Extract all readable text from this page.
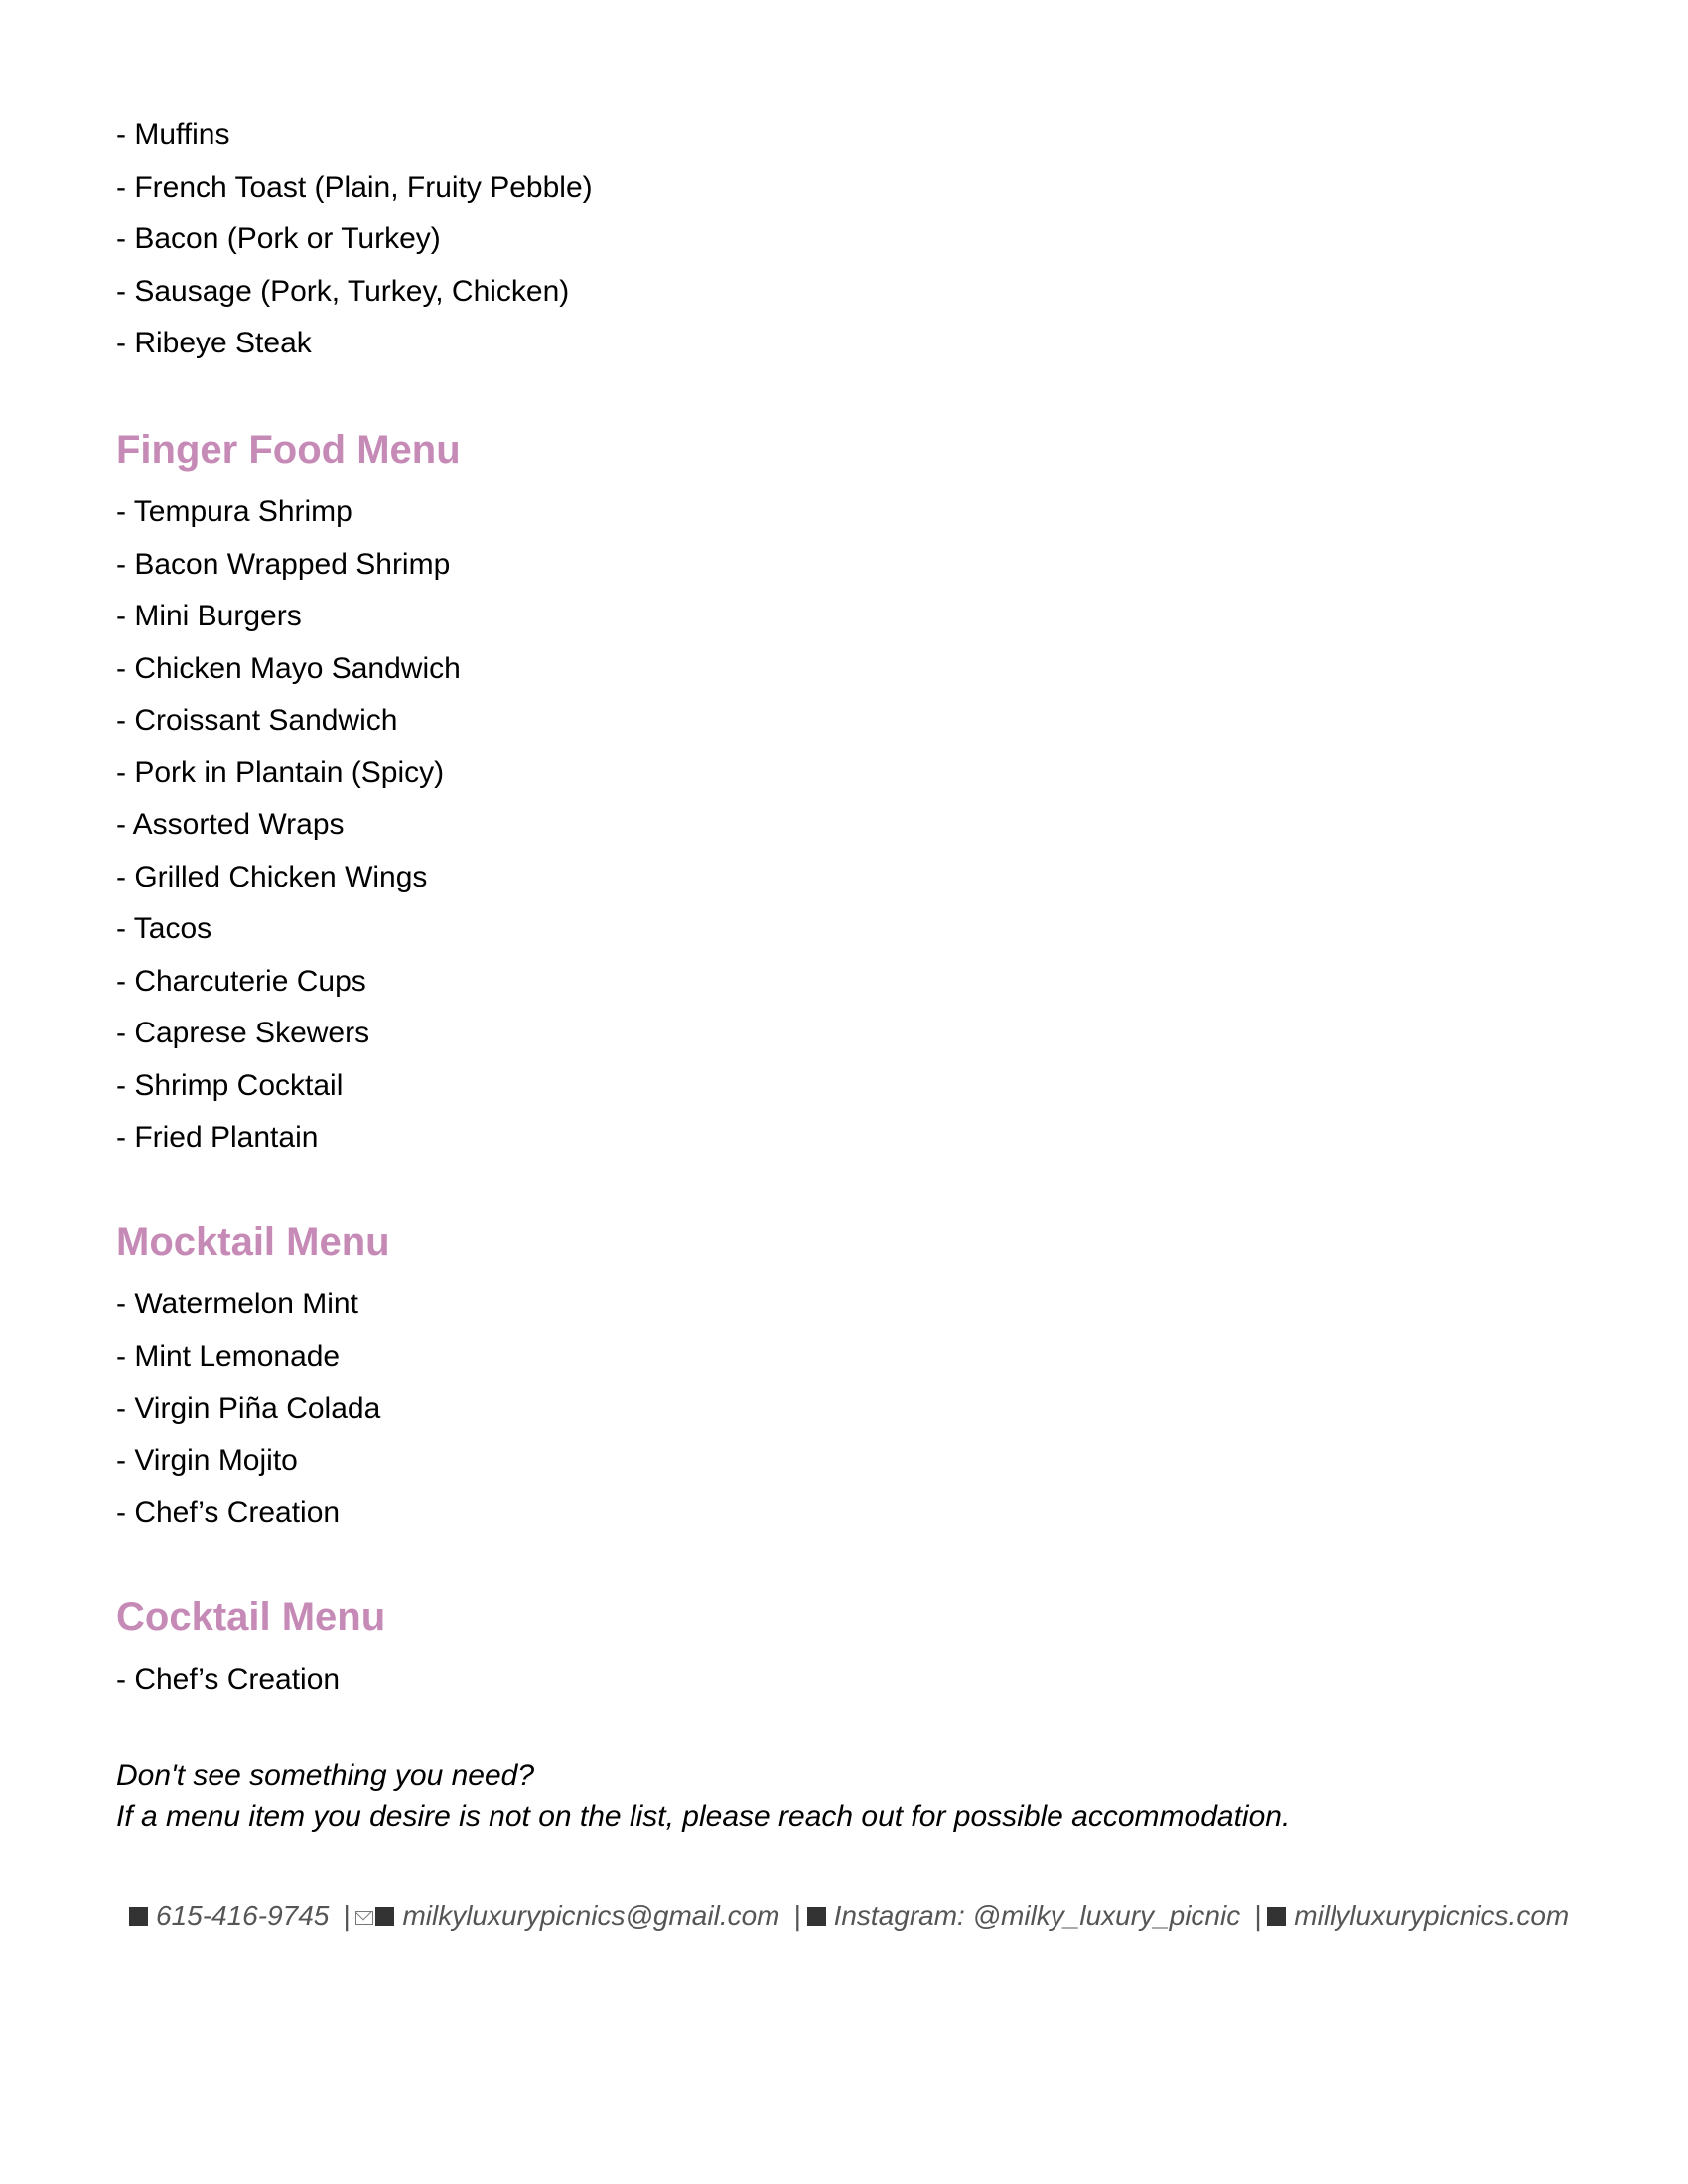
- Muffins
- French Toast (Plain, Fruity Pebble)
- Bacon (Pork or Turkey)
- Sausage (Pork, Turkey, Chicken)
- Ribeye Steak
Finger Food Menu
- Tempura Shrimp
- Bacon Wrapped Shrimp
- Mini Burgers
- Chicken Mayo Sandwich
- Croissant Sandwich
- Pork in Plantain (Spicy)
- Assorted Wraps
- Grilled Chicken Wings
- Tacos
- Charcuterie Cups
- Caprese Skewers
- Shrimp Cocktail
- Fried Plantain
Mocktail Menu
- Watermelon Mint
- Mint Lemonade
- Virgin Piña Colada
- Virgin Mojito
- Chef’s Creation
Cocktail Menu
- Chef’s Creation
Don't see something you need?
If a menu item you desire is not on the list, please reach out for possible accommodation.
615-416-9745 | milkyluxurypicnics@gmail.com | Instagram: @milky_luxury_picnic | millyluxurypicnics.com
